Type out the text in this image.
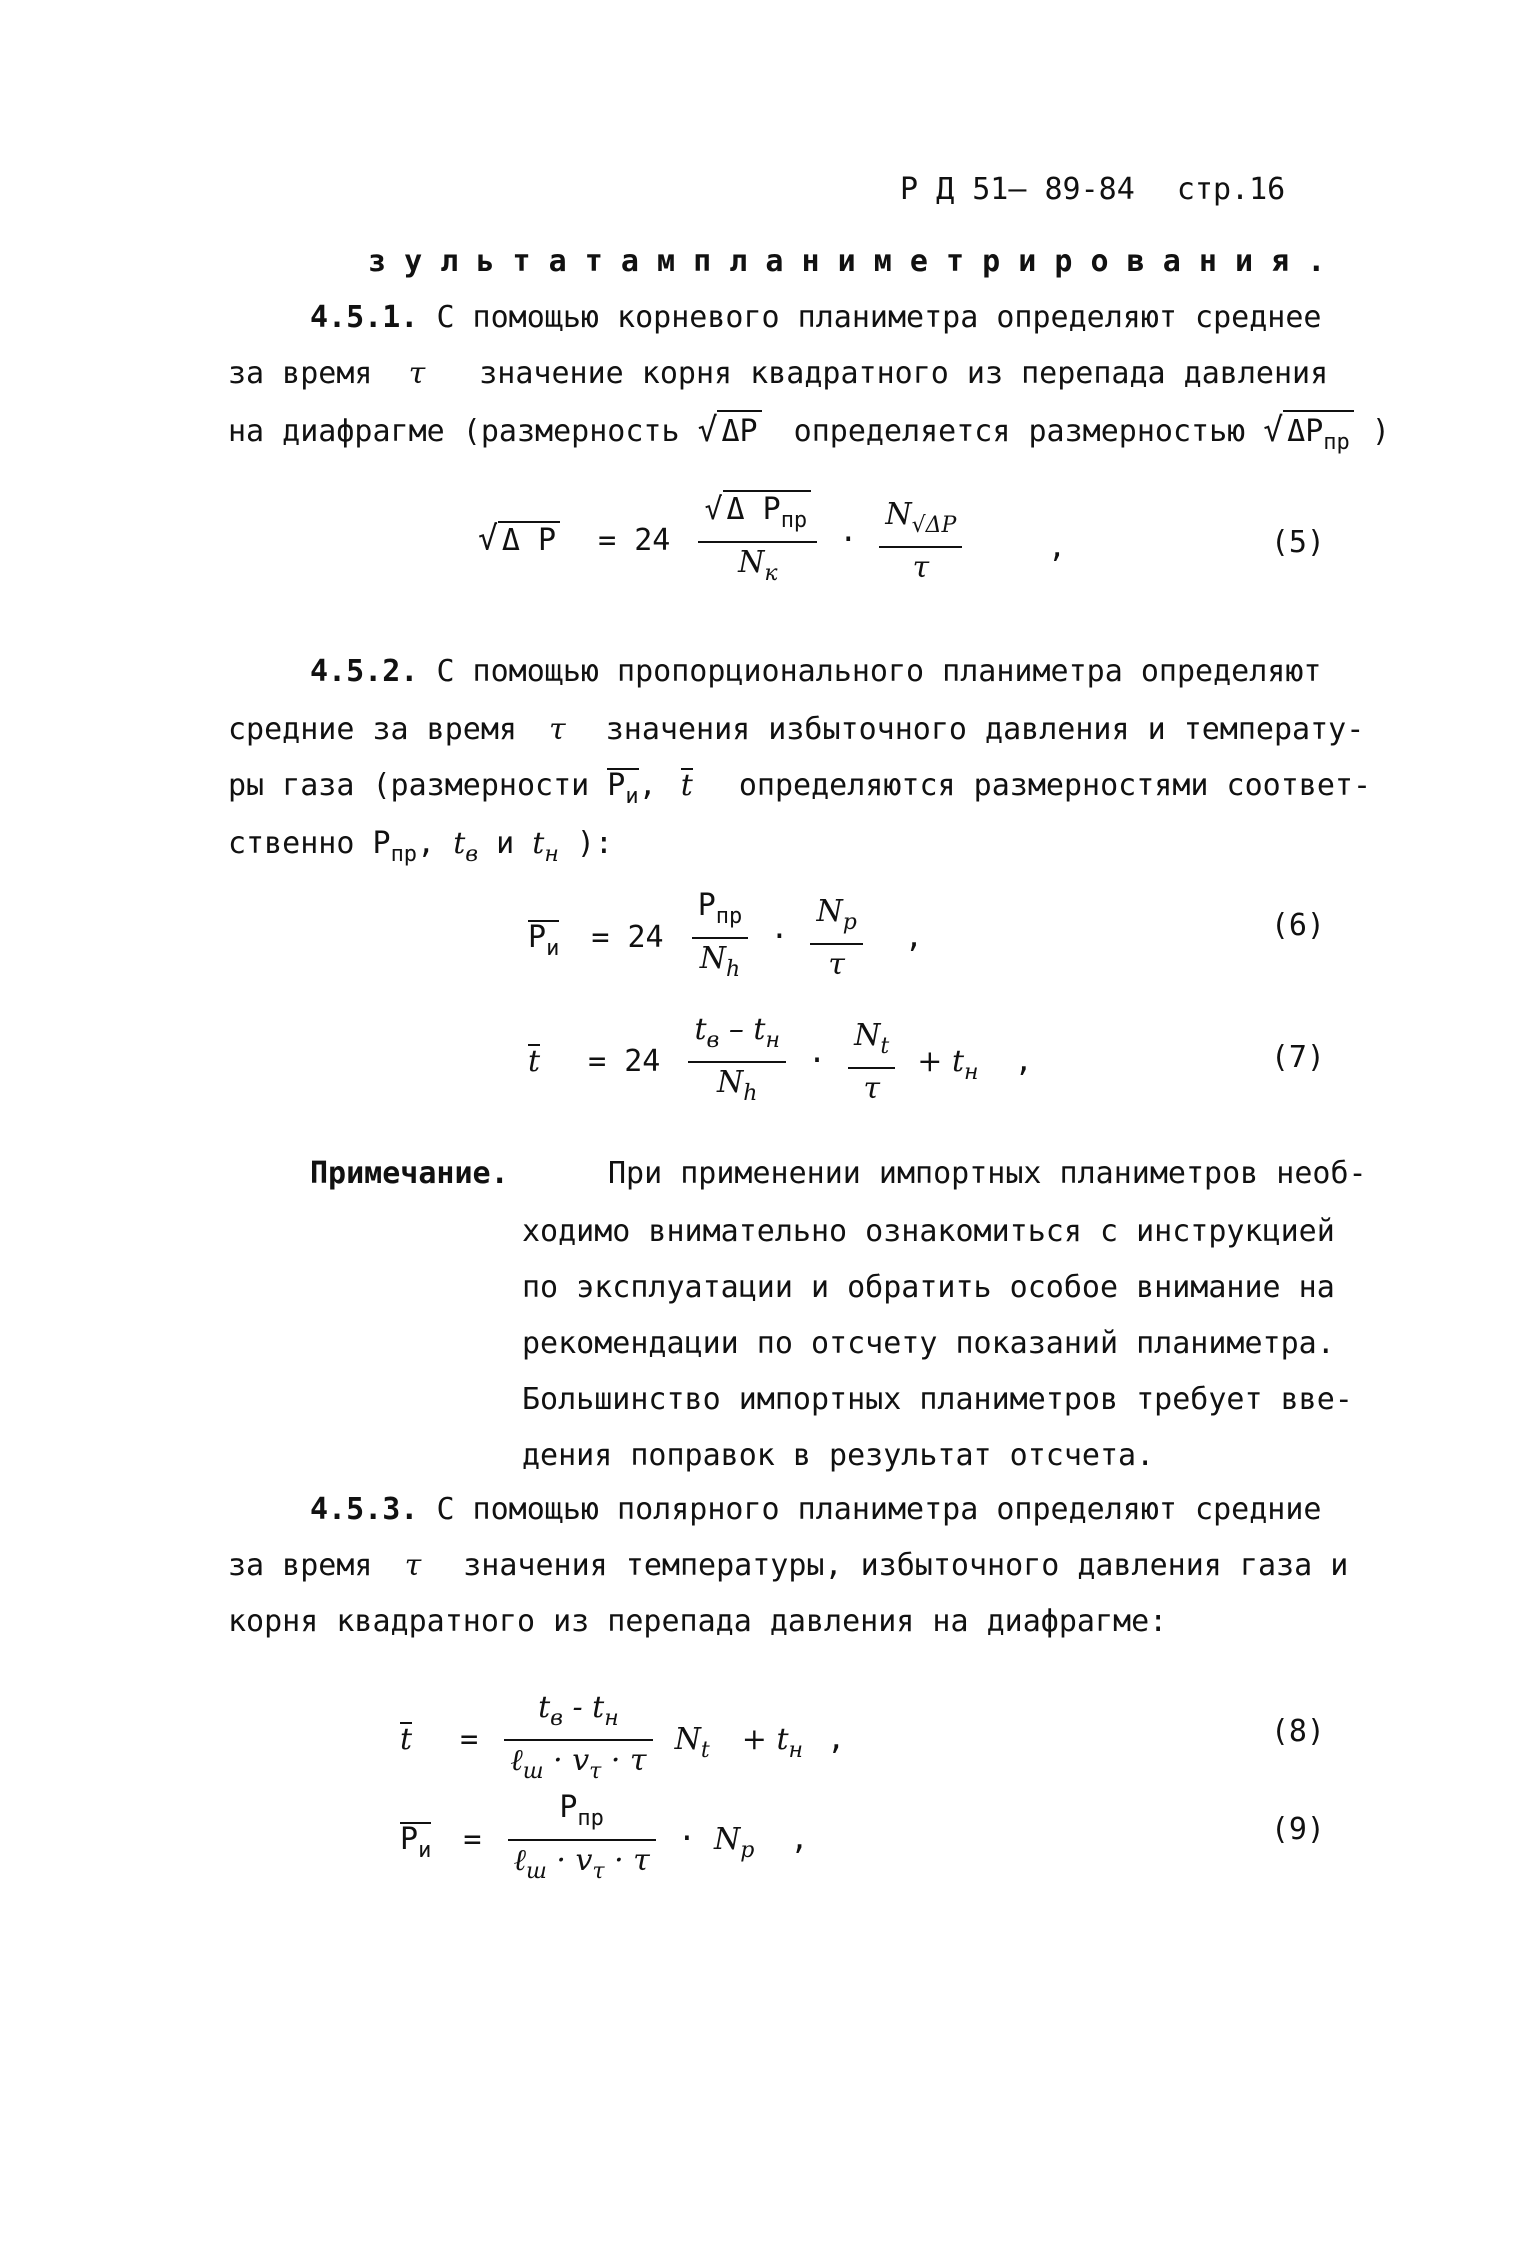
Р Д 51– 89-84 стр.16
з у л ь т а т а м п л а н и м е т р и р о в а н и я .
4.5.1. С помощью корневого планиметра определяют среднее
за время τ значение корня квадратного из перепада давления
на диафрагме (размерность √ ΔP определяется размерностью √ $\Delta P_{пр}$ )
√ Δ $P = 24 \frac{√ \Delta P_{пр}}{N_к} \cdot \frac{N_{√\Delta P}}{\tau}$	,	(5)
4.5.2. С помощью пропорционального планиметра определяют
средние за время τ значения избыточного давления и температу-
ры газа (размерности $P_и$, t определяются размерностями соответ-
ственно $P_{пр}$, $t_в$ и $t_н$ ):
$P_и = 24 \frac{P_{пр}}{N_h} \cdot \frac{N_p}{\tau}$ ,	(6)
$t = 24 \frac{t_в - t_н}{N_h} \cdot \frac{N_t}{\tau} + t_н$ ,	(7)
Примечание.	При применении импортных планиметров необ-
ходимо внимательно ознакомиться с инструкцией
по эксплуатации и обратить особое внимание на
рекомендации по отсчету показаний планиметра.
Большинство импортных планиметров требует вве-
дения поправок в результат отсчета.
4.5.3. С помощью полярного планиметра определяют средние
за время τ значения температуры, избыточного давления газа и
корня квадратного из перепада давления на диафрагме:
$t = \frac{t_в - t_н}{\ell_ш \cdot v_\tau \cdot \tau} N_t + t_н$ ,	(8)
$P_и = \frac{P_{пр}}{\ell_ш \cdot v_\tau \cdot \tau} \cdot N_p$ ,	(9)
